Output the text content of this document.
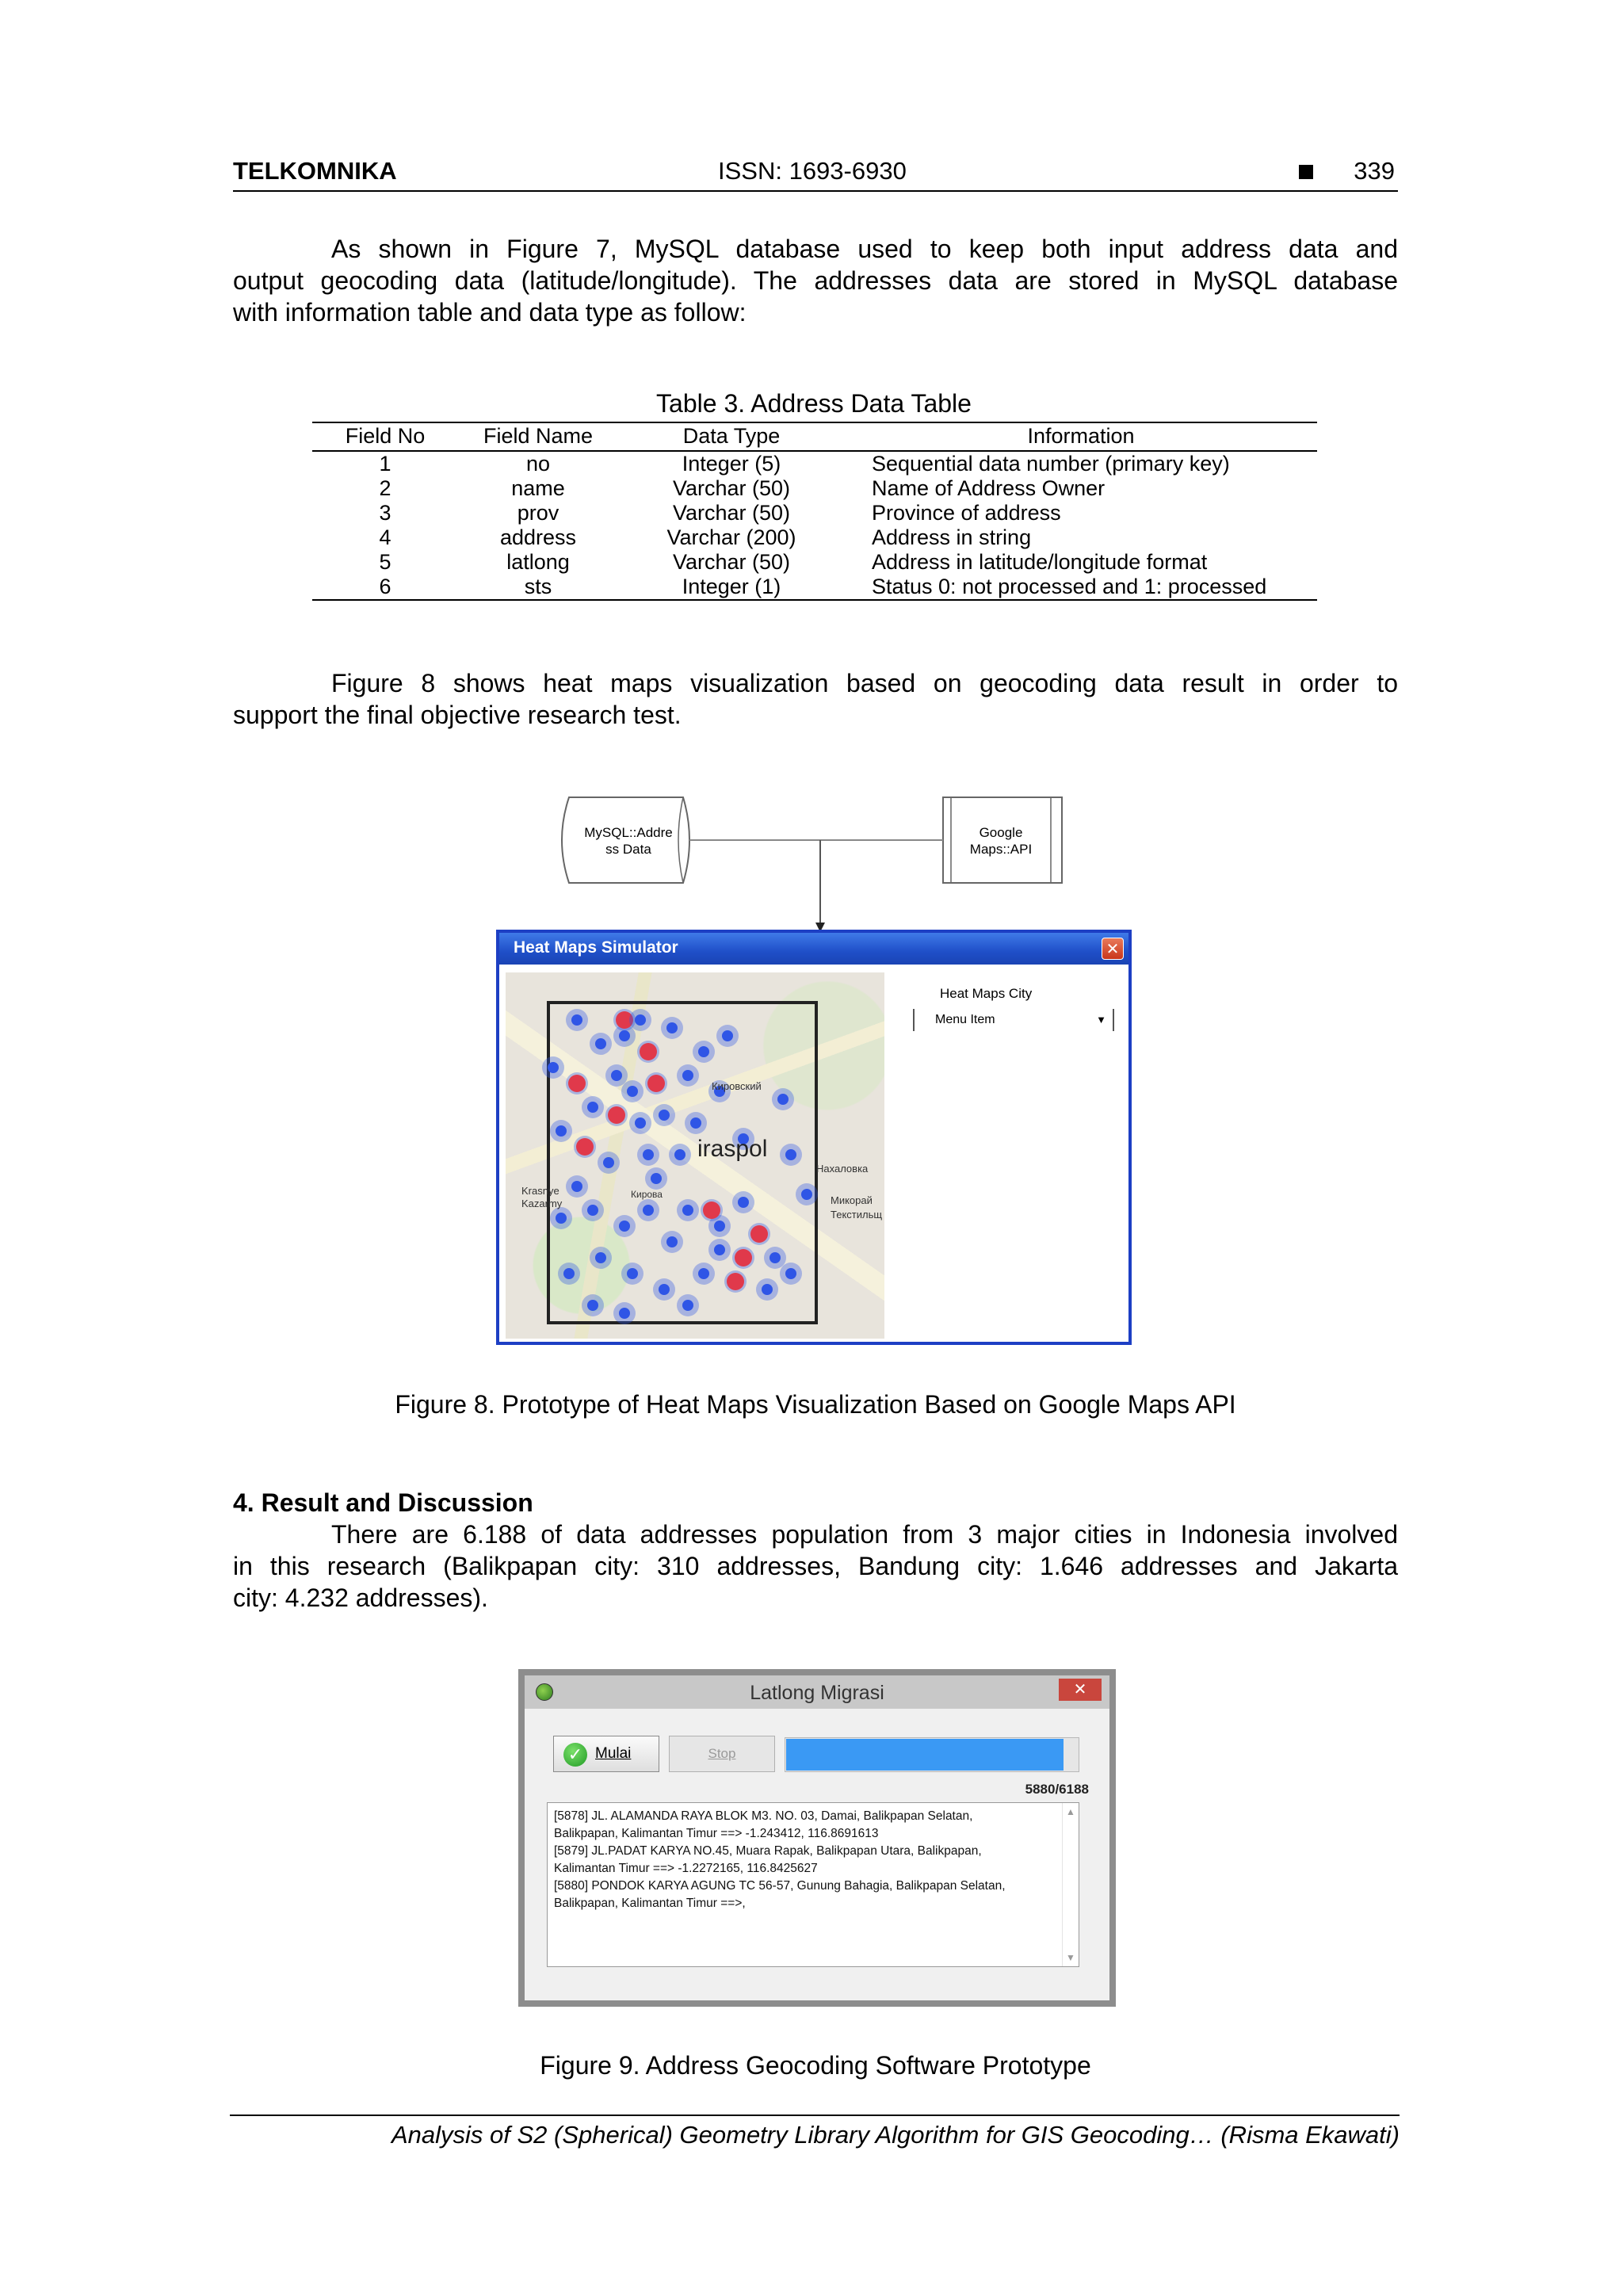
TELKOMNIKA	ISSN: 1693-6930	339
As shown in Figure 7, MySQL database used to keep both input address data and
output geocoding data (latitude/longitude). The addresses data are stored in MySQL database
with information table and data type as follow:
Table 3. Address Data Table
Field No	Field Name	Data Type	Information
1	no	Integer (5)	Sequential data number (primary key)
2	name	Varchar (50)	Name of Address Owner
3	prov	Varchar (50)	Province of address
4	address	Varchar (200)	Address in string
5	latlong	Varchar (50)	Address in latitude/longitude format
6	sts	Integer (1)	Status 0: not processed and 1: processed
Figure 8 shows heat maps visualization based on geocoding data result in order to
support the final objective research test.
MySQL::Addre
ss Data
Google
Maps::API
Heat Maps Simulator	✕
iraspol
Кировский
Нахаловка
Микорай
Текстильщ
Krasnye
Kazarmy
Кирова
Heat Maps City
Menu Item	▼
Figure 8. Prototype of Heat Maps Visualization Based on Google Maps API
4. Result and Discussion
There are 6.188 of data addresses population from 3 major cities in Indonesia involved
in this research (Balikpapan city: 310 addresses, Bandung city: 1.646 addresses and Jakarta
city: 4.232 addresses).
Latlong Migrasi	✕
✓ Mulai	Stop
5880/6188
[5878] JL. ALAMANDA RAYA BLOK M3. NO. 03, Damai, Balikpapan Selatan,
Balikpapan, Kalimantan Timur ==> -1.243412, 116.8691613
[5879] JL.PADAT KARYA NO.45, Muara Rapak, Balikpapan Utara, Balikpapan,
Kalimantan Timur ==> -1.2272165, 116.8425627
[5880] PONDOK KARYA AGUNG TC 56-57, Gunung Bahagia, Balikpapan Selatan,
Balikpapan, Kalimantan Timur ==>,
▲
▼
Figure 9. Address Geocoding Software Prototype
Analysis of S2 (Spherical) Geometry Library Algorithm for GIS Geocoding… (Risma Ekawati)
